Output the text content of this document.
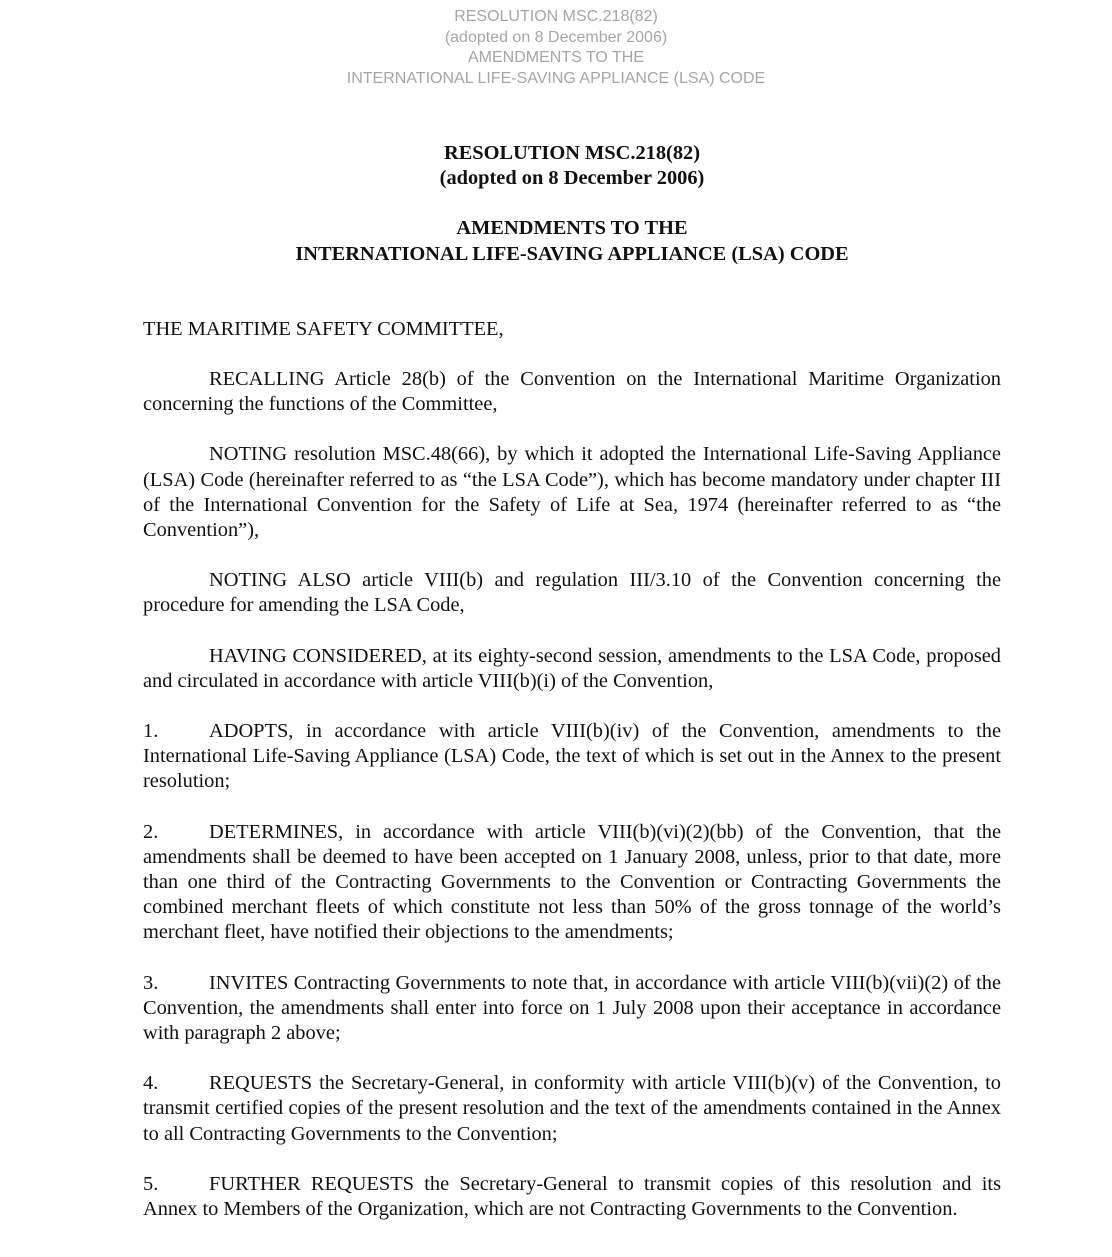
RESOLUTION MSC.218(82)
(adopted on 8 December 2006)
AMENDMENTS TO THE
INTERNATIONAL LIFE-SAVING APPLIANCE (LSA) CODE
RESOLUTION MSC.218(82)
(adopted on 8 December 2006)
AMENDMENTS TO THE
INTERNATIONAL LIFE-SAVING APPLIANCE (LSA) CODE
THE MARITIME SAFETY COMMITTEE,

RECALLING Article 28(b) of the Convention on the International Maritime Organization concerning the functions of the Committee,

NOTING resolution MSC.48(66), by which it adopted the International Life-Saving Appliance (LSA) Code (hereinafter referred to as “the LSA Code”), which has become mandatory under chapter III of the International Convention for the Safety of Life at Sea, 1974 (hereinafter referred to as “the Convention”),

NOTING ALSO article VIII(b) and regulation III/3.10 of the Convention concerning the procedure for amending the LSA Code,

HAVING CONSIDERED, at its eighty-second session, amendments to the LSA Code, proposed and circulated in accordance with article VIII(b)(i) of the Convention,

1. ADOPTS, in accordance with article VIII(b)(iv) of the Convention, amendments to the International Life-Saving Appliance (LSA) Code, the text of which is set out in the Annex to the present resolution;

2. DETERMINES, in accordance with article VIII(b)(vi)(2)(bb) of the Convention, that the amendments shall be deemed to have been accepted on 1 January 2008, unless, prior to that date, more than one third of the Contracting Governments to the Convention or Contracting Governments the combined merchant fleets of which constitute not less than 50% of the gross tonnage of the world’s merchant fleet, have notified their objections to the amendments;

3. INVITES Contracting Governments to note that, in accordance with article VIII(b)(vii)(2) of the Convention, the amendments shall enter into force on 1 July 2008 upon their acceptance in accordance with paragraph 2 above;

4. REQUESTS the Secretary-General, in conformity with article VIII(b)(v) of the Convention, to transmit certified copies of the present resolution and the text of the amendments contained in the Annex to all Contracting Governments to the Convention;

5. FURTHER REQUESTS the Secretary-General to transmit copies of this resolution and its Annex to Members of the Organization, which are not Contracting Governments to the Convention.
